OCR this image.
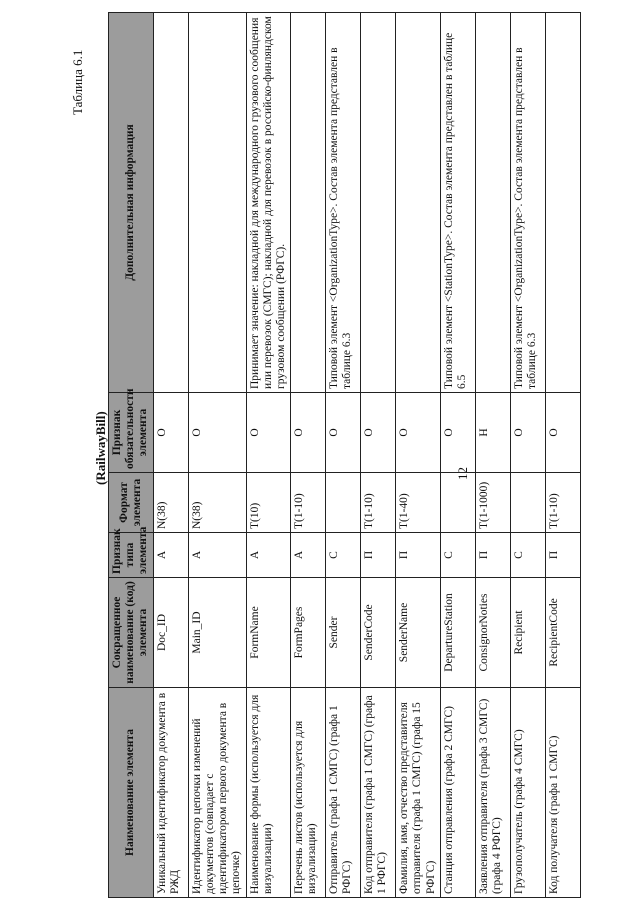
12
Таблица 6.1
(RailwayBill)
Наименование элемента	Сокращенное наименование (код) элемента	Признак типа элемента	Формат элемента	Признак обязательности элемента	Дополнительная информация
Уникальный идентификатор документа в РЖД	Doc_ID	А	N(38)	О	
Идентификатор цепочки изменений документов (совпадает с идентификатором первого документа в цепочке)	Main_ID	А	N(38)	О	
Наименование формы (используется для визуализации)	FormName	А	T(10)	О	Принимает значение: накладной для международного грузового сообщения или перевозок (СМГС); накладной для перевозок в российско-финляндском грузовом сообщении (РФГС).
Перечень листов (используется для визуализации)	FormPages	А	T(1-10)	О	
Отправитель (графа 1 СМГС) (графа 1 РФГС)	Sender	С		О	Типовой элемент <OrganizationType>. Состав элемента представлен в таблице 6.3
Код отправителя (графа 1 СМГС) (графа 1 РФГС)	SenderCode	П	T(1-10)	О	
Фамилия, имя, отчество представителя отправителя (графа 1 СМГС) (графа 15 РФГС)	SenderName	П	T(1-40)	О	
Станция отправления (графа 2 СМГС)	DepartureStation	С		О	Типовой элемент <StationType>. Состав элемента представлен в таблице 6.5
Заявления отправителя (графа 3 СМГС) (графа 4 РФГС)	ConsignorNoties	П	T(1-1000)	Н	
Грузополучатель (графа 4 СМГС)	Recipient	С		О	Типовой элемент <OrganizationType>. Состав элемента представлен в таблице 6.3
Код получателя (графа 1 СМГС)	RecipientCode	П	T(1-10)	О	
